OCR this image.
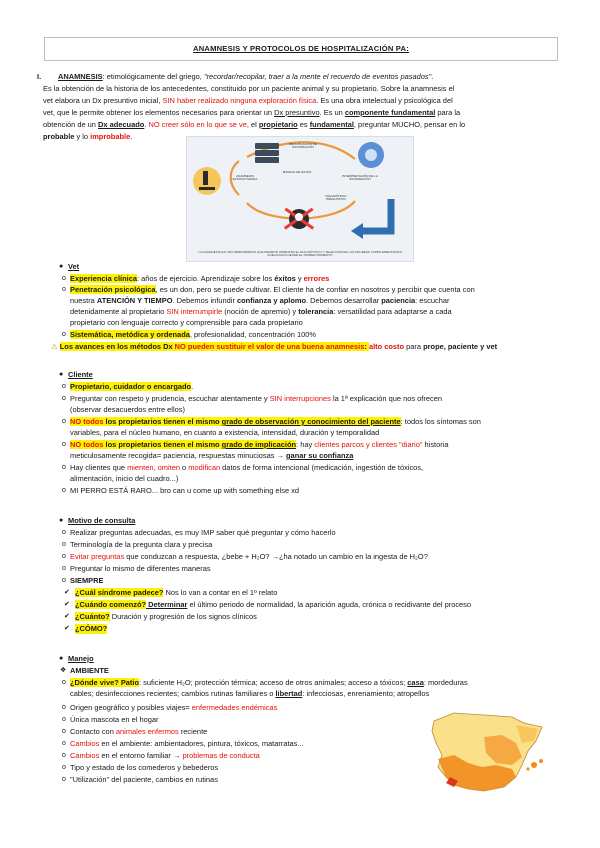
ANAMNESIS Y PROTOCOLOS DE HOSPITALIZACIÓN PA:
I. ANAMNESIS: etimológicamente del griego, "recordar/recopilar, traer a la mente el recuerdo de eventos pasados".
Es la obtención de la historia de los antecedentes, constituido por un paciente animal y su propietario. Sobre la anamnesis el
vet elabora un Dx presuntivo inicial, SIN haber realizado ninguna exploración física. Es una obra intelectual y psicológica del
vet, que le permite obtener los elementos necesarios para orientar un Dx presuntivo. Es un componente fundamental para la
obtención de un Dx adecuado. NO creer sólo en lo que se ve, el propietario es fundamental, preguntar MUCHO, pensar en lo
probable y lo improbable.
RECOPILACIÓN DE INFORMACIÓN
ANAMNESIS ESTRUCTURADA
MANEJO DE DATOS
INTERPRETACIÓN DE LA INFORMACIÓN
DIAGNÓSTICO PRESUNTIVO
LA ANAMNESIS ES UNA HERRAMIENTA QUE PERMITE ORIENTAR EL DIAGNÓSTICO Y SELECCIONAR LAS PRUEBAS COMPLEMENTARIAS ADECUADAS DESDE EL PRIMER MOMENTO
● Vet
o Experiencia clínica: años de ejercicio. Aprendizaje sobre los éxitos y errores
o Penetración psicológica, es un don, pero se puede cultivar. El cliente ha de confiar en nosotros y percibir que cuenta con
nuestra ATENCIÓN Y TIEMPO. Debemos infundir confianza y aplomo. Debemos desarrollar paciencia: escuchar
detenidamente al propietario SIN interrumpirle (noción de apremio) y tolerancia: versatilidad para adaptarse a cada
propietario con lenguaje correcto y comprensible para cada propietario
o Sistemática, metódica y ordenada, profesionalidad, concentración 100%
⚠ Los avances en los métodos Dx NO pueden sustituir el valor de una buena anamnesis: alto costo para prope, paciente y vet
● Cliente
o Propietario, cuidador o encargado.
o Preguntar con respeto y prudencia, escuchar atentamente y SIN interrupciones la 1ª explicación que nos ofrecen
(observar desacuerdos entre ellos)
o NO todos los propietarios tienen el mismo grado de observación y conocimiento del paciente: todos los síntomas son
variables, para el núcleo humano, en cuanto a existencia, intensidad, duración y temporalidad
o NO todos los propietarios tienen el mismo grado de implicación: hay clientes parcos y clientes "diario" historia
meticulosamente recogida= paciencia, respuestas minuciosas → ganar su confianza
o Hay clientes que mienten, omiten o modifican datos de forma intencional (medicación, ingestión de tóxicos,
alimentación, inicio del cuadro...)
o MI PERRO ESTÁ RARO... bro can u come up with something else xd
● Motivo de consulta
o Realizar preguntas adecuadas, es muy IMP saber qué preguntar y cómo hacerlo
o Terminología de la pregunta clara y precisa
o Evitar preguntas que conduzcan a respuesta, ¿bebe + H₂O? →¿ha notado un cambio en la ingesta de H₂O?
o Preguntar lo mismo de diferentes maneras
o SIEMPRE
✔ ¿Cuál síndrome padece? Nos lo van a contar en el 1º relato
✔ ¿Cuándo comenzó? Determinar el último periodo de normalidad, la aparición aguda, crónica o recidivante del proceso
✔ ¿Cuánto? Duración y progresión de los signos clínicos
✔ ¿CÓMO?
● Manejo
❖ AMBIENTE
o ¿Dónde vive? Patio: suficiente H₂O; protección térmica; acceso de otros animales; acceso a tóxicos; casa: mordeduras
cables; desinfecciones recientes; cambios rutinas familiares o libertad: infecciosas, enrenamiento; atropellos
o Origen geográfico y posibles viajes= enfermedades endémicas
o Única mascota en el hogar
o Contacto con animales enfermos reciente
o Cambios en el ambiente: ambientadores, pintura, tóxicos, matarratas...
o Cambios en el entorno familiar → problemas de conducta
o Tipo y estado de los comederos y bebederos
o "Utilización" del paciente, cambios en rutinas
